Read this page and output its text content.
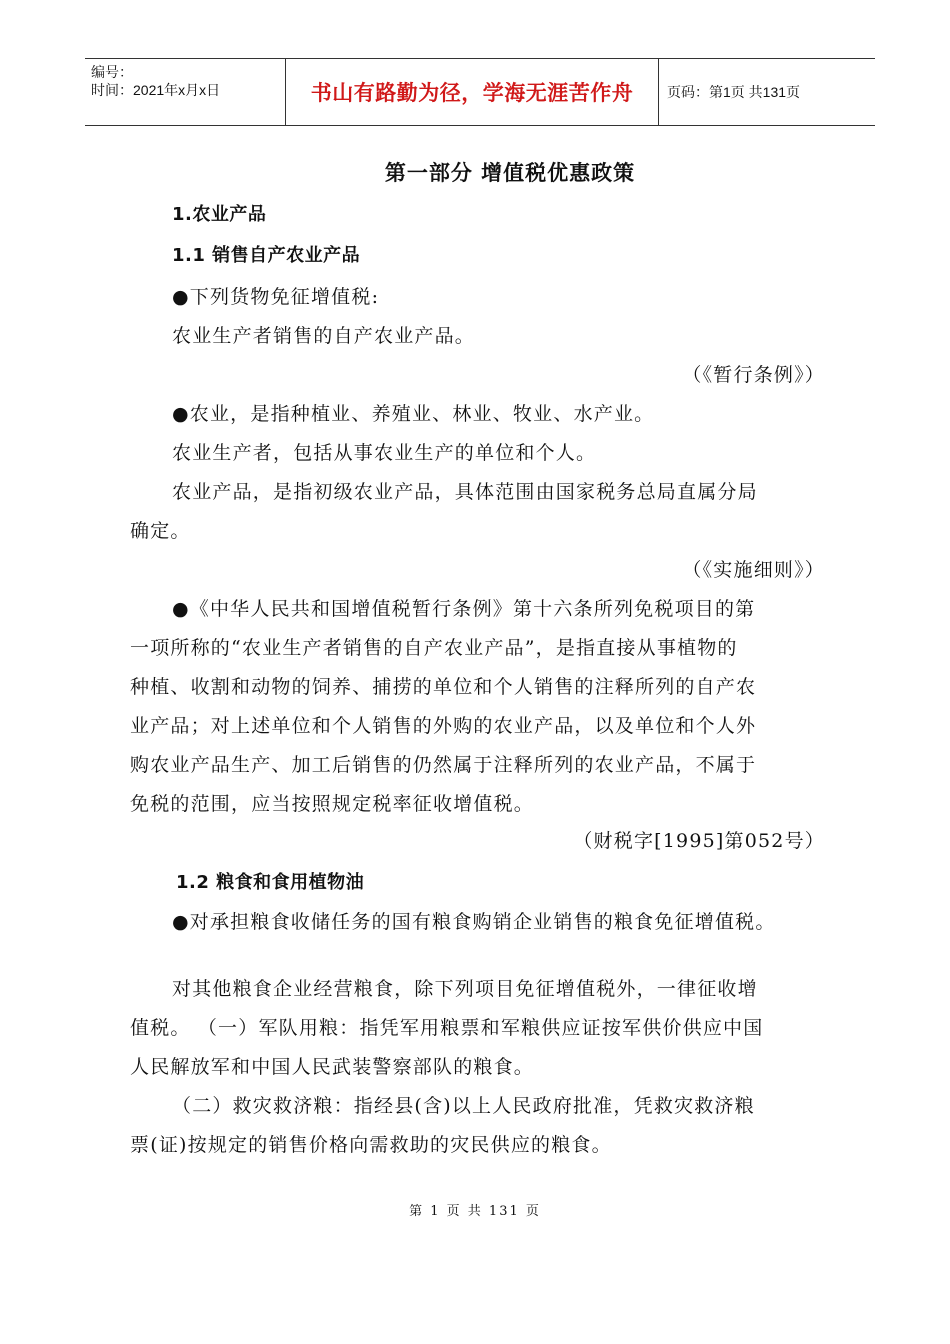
编号：
时间：2021年x月x日	书山有路勤为径，学海无涯苦作舟	页码：第1页 共131页
第一部分 增值税优惠政策
1.农业产品
1.1 销售自产农业产品
●下列货物免征增值税:
农业生产者销售的自产农业产品。
（《暂行条例》）
●农业，是指种植业、养殖业、林业、牧业、水产业。
农业生产者，包括从事农业生产的单位和个人。
农业产品，是指初级农业产品，具体范围由国家税务总局直属分局
确定。
（《实施细则》）
●《中华人民共和国增值税暂行条例》第十六条所列免税项目的第
一项所称的“农业生产者销售的自产农业产品”，是指直接从事植物的
种植、收割和动物的饲养、捕捞的单位和个人销售的注释所列的自产农
业产品；对上述单位和个人销售的外购的农业产品，以及单位和个人外
购农业产品生产、加工后销售的仍然属于注释所列的农业产品，不属于
免税的范围，应当按照规定税率征收增值税。
（财税字[1995]第052号）
1.2 粮食和食用植物油
●对承担粮食收储任务的国有粮食购销企业销售的粮食免征增值税。
对其他粮食企业经营粮食，除下列项目免征增值税外，一律征收增
值税。 （一）军队用粮：指凭军用粮票和军粮供应证按军供价供应中国
人民解放军和中国人民武装警察部队的粮食。
（二）救灾救济粮：指经县(含)以上人民政府批准，凭救灾救济粮
票(证)按规定的销售价格向需救助的灾民供应的粮食。
第 1 页 共 131 页
